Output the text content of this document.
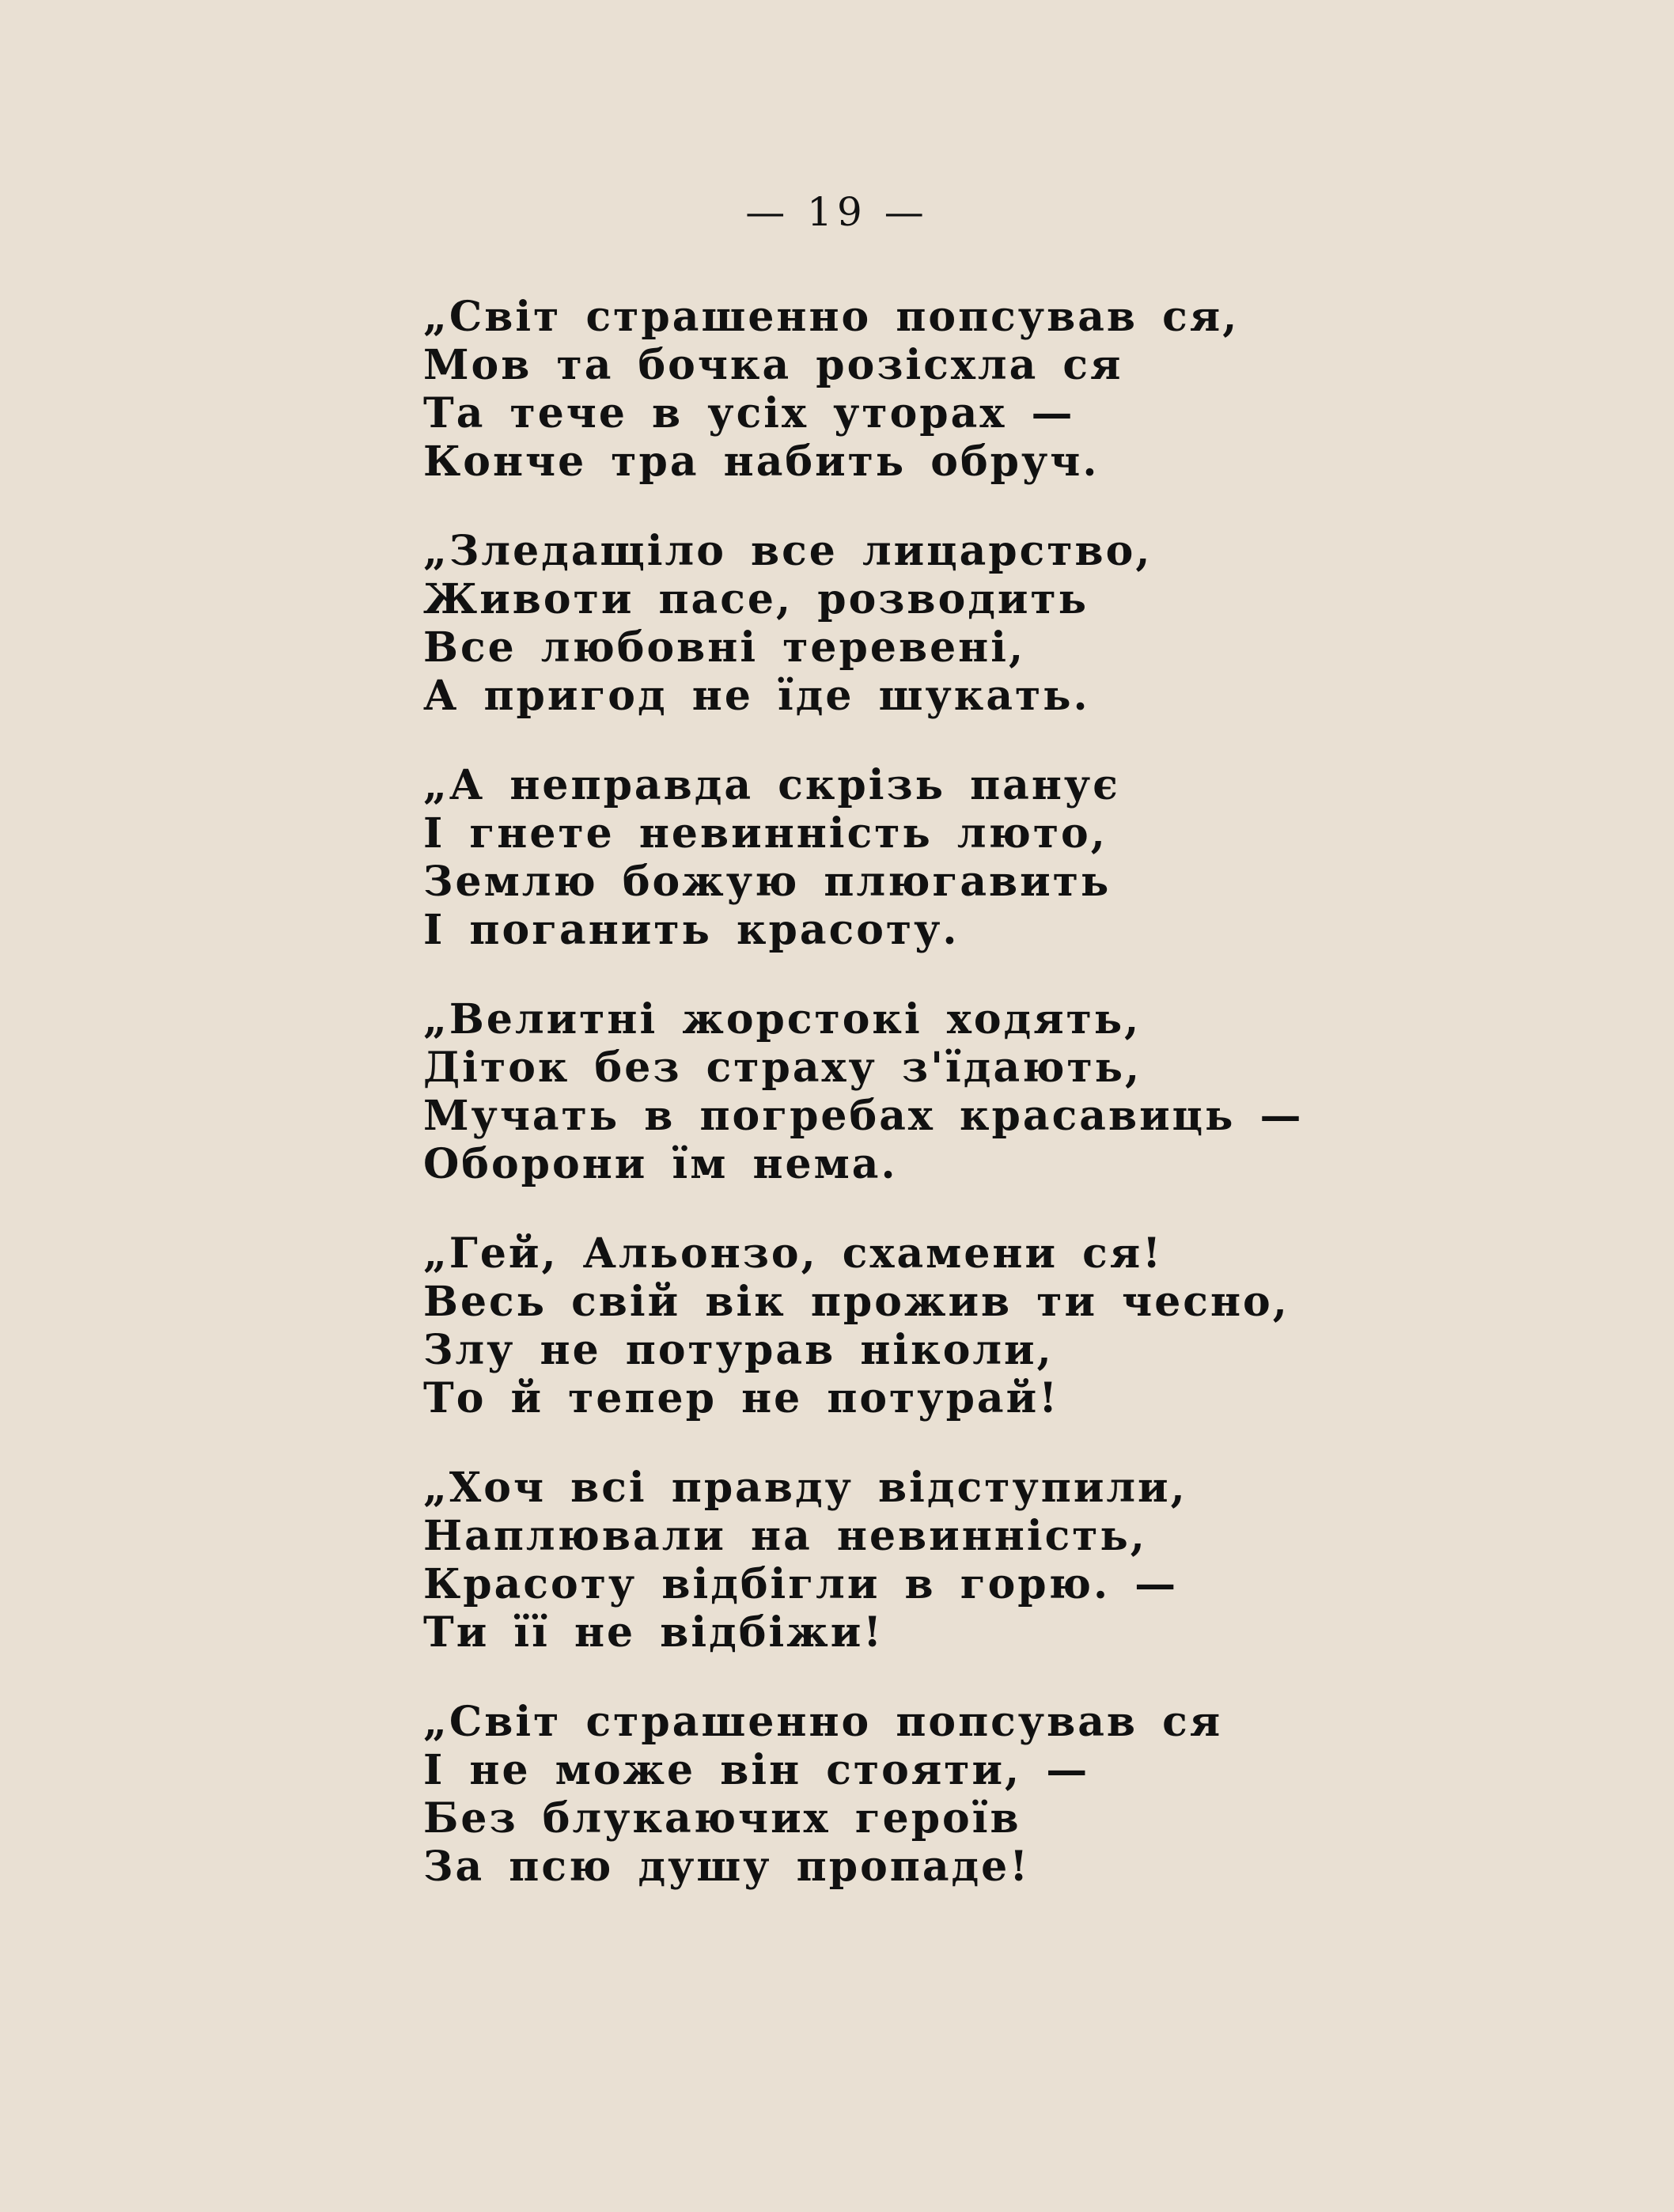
— 19 —
„Світ страшенно попсував ся,
Мов та бочка розісхла ся
Та тече в усіх уторах —
Конче тра набить обруч.
„Зледащіло все лицарство,
Животи пасе, розводить
Все любовні теревені,
А пригод не їде шукать.
„А неправда скрізь панує
І гнете невинність люто,
Землю божую плюгавить
І поганить красоту.
„Велитні жорстокі ходять,
Діток без страху з'їдають,
Мучать в погребах красавиць —
Оборони їм нема.
„Гей, Альонзо, схамени ся!
Весь свій вік прожив ти чесно,
Злу не потурав ніколи,
То й тепер не потурай!
„Хоч всі правду відступили,
Наплювали на невинність,
Красоту відбігли в горю. —
Ти її не відбіжи!
„Світ страшенно попсував ся
І не може він стояти, —
Без блукаючих героїв
За псю душу пропаде!
